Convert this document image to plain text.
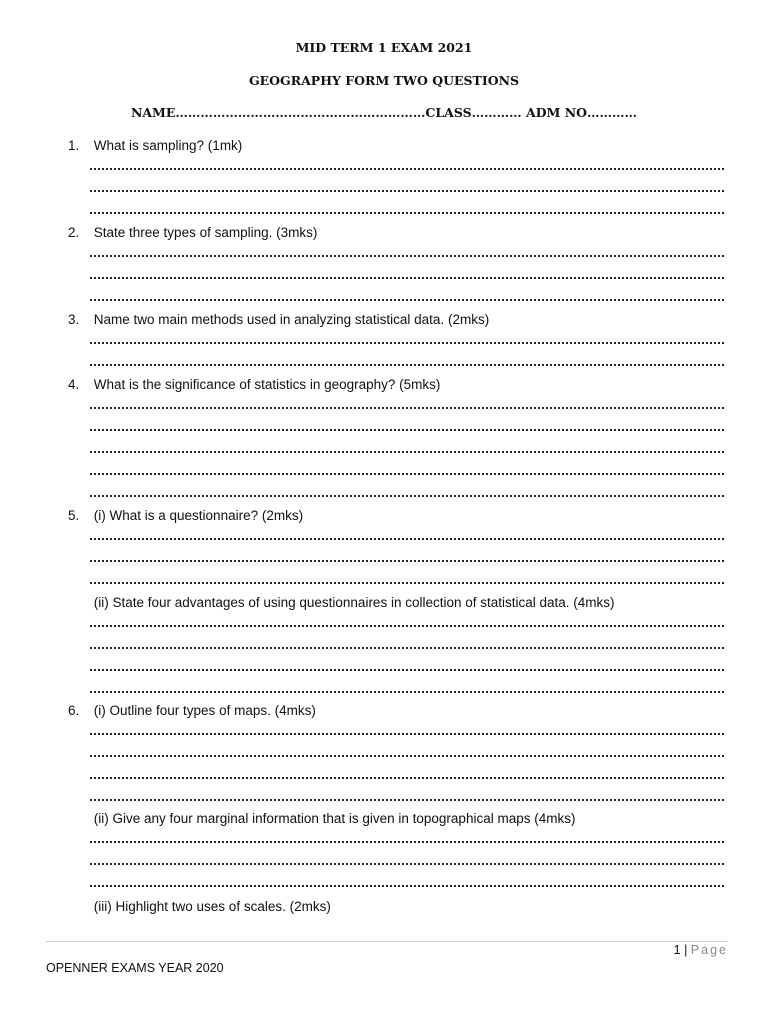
MID TERM 1 EXAM 2021
GEOGRAPHY FORM TWO QUESTIONS
NAME……………………………………………………CLASS………… ADM NO…………
1. What is sampling? (1mk)
2. State three types of sampling. (3mks)
3. Name two main methods used in analyzing statistical data. (2mks)
4. What is the significance of statistics in geography? (5mks)
5. (i) What is a questionnaire? (2mks)
(ii) State four advantages of using questionnaires in collection of statistical data. (4mks)
6. (i) Outline four types of maps. (4mks)
(ii) Give any four marginal information that is given in topographical maps (4mks)
(iii) Highlight two uses of scales. (2mks)
1 | Page
OPENNER EXAMS YEAR 2020
